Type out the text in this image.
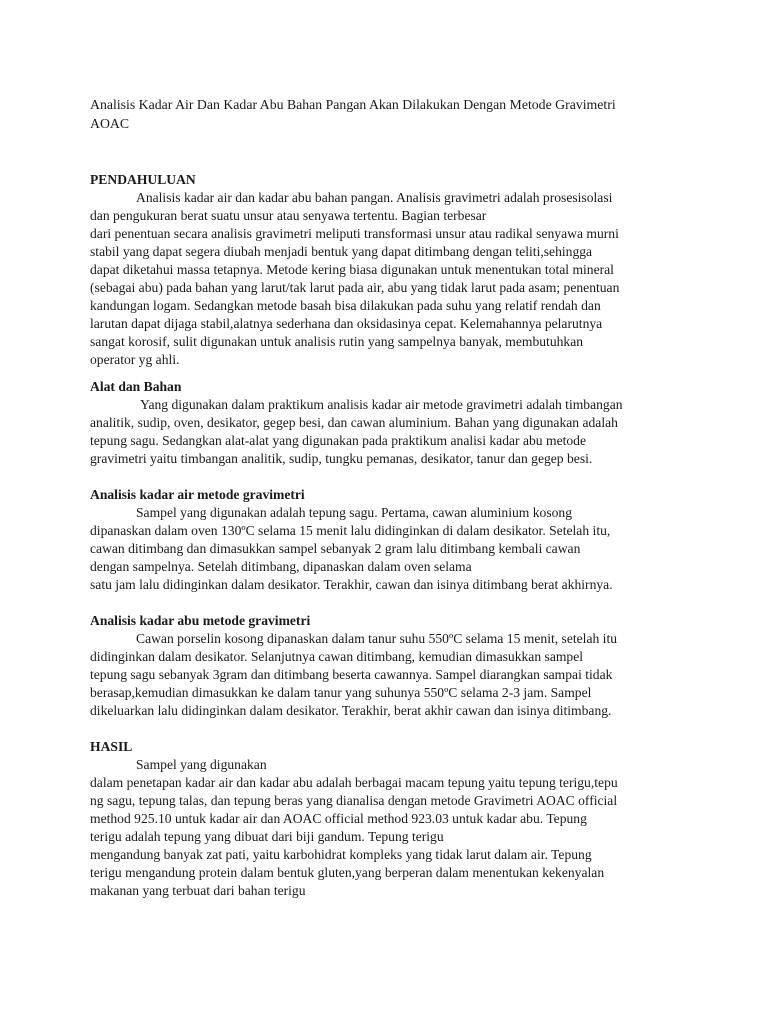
Analisis Kadar Air Dan Kadar Abu Bahan Pangan Akan Dilakukan Dengan Metode Gravimetri
AOAC
PENDAHULUAN
Analisis kadar air dan kadar abu bahan pangan. Analisis gravimetri adalah prosesisolasi
dan pengukuran berat suatu unsur atau senyawa tertentu. Bagian terbesar
dari penentuan secara analisis gravimetri meliputi transformasi unsur atau radikal senyawa murni
stabil yang dapat segera diubah menjadi bentuk yang dapat ditimbang dengan teliti,sehingga
dapat diketahui massa tetapnya. Metode kering biasa digunakan untuk menentukan total mineral
(sebagai abu) pada bahan yang larut/tak larut pada air, abu yang tidak larut pada asam; penentuan
kandungan logam. Sedangkan metode basah bisa dilakukan pada suhu yang relatif rendah dan
larutan dapat dijaga stabil,alatnya sederhana dan oksidasinya cepat. Kelemahannya pelarutnya
sangat korosif, sulit digunakan untuk analisis rutin yang sampelnya banyak, membutuhkan
operator yg ahli.
Alat dan Bahan
Yang digunakan dalam praktikum analisis kadar air metode gravimetri adalah timbangan
analitik, sudip, oven, desikator, gegep besi, dan cawan aluminium. Bahan yang digunakan adalah
tepung sagu. Sedangkan alat-alat yang digunakan pada praktikum analisi kadar abu metode
gravimetri yaitu timbangan analitik, sudip, tungku pemanas, desikator, tanur dan gegep besi.
Analisis kadar air metode gravimetri
Sampel yang digunakan adalah tepung sagu. Pertama, cawan aluminium kosong
dipanaskan dalam oven 130ºC selama 15 menit lalu didinginkan di dalam desikator. Setelah itu,
cawan ditimbang dan dimasukkan sampel sebanyak 2 gram lalu ditimbang kembali cawan
dengan sampelnya. Setelah ditimbang, dipanaskan dalam oven selama
satu jam lalu didinginkan dalam desikator. Terakhir, cawan dan isinya ditimbang berat akhirnya.
Analisis kadar abu metode gravimetri
Cawan porselin kosong dipanaskan dalam tanur suhu 550ºC selama 15 menit, setelah itu
didinginkan dalam desikator. Selanjutnya cawan ditimbang, kemudian dimasukkan sampel
tepung sagu sebanyak 3gram dan ditimbang beserta cawannya. Sampel diarangkan sampai tidak
berasap,kemudian dimasukkan ke dalam tanur yang suhunya 550ºC selama 2-3 jam. Sampel
dikeluarkan lalu didinginkan dalam desikator. Terakhir, berat akhir cawan dan isinya ditimbang.
HASIL
Sampel yang digunakan
dalam penetapan kadar air dan kadar abu adalah berbagai macam tepung yaitu tepung terigu,tepu
ng sagu, tepung talas, dan tepung beras yang dianalisa dengan metode Gravimetri AOAC official
method 925.10 untuk kadar air dan AOAC official method 923.03 untuk kadar abu. Tepung
terigu adalah tepung yang dibuat dari biji gandum. Tepung terigu
mengandung banyak zat pati, yaitu karbohidrat kompleks yang tidak larut dalam air. Tepung
terigu mengandung protein dalam bentuk gluten,yang berperan dalam menentukan kekenyalan
makanan yang terbuat dari bahan terigu
